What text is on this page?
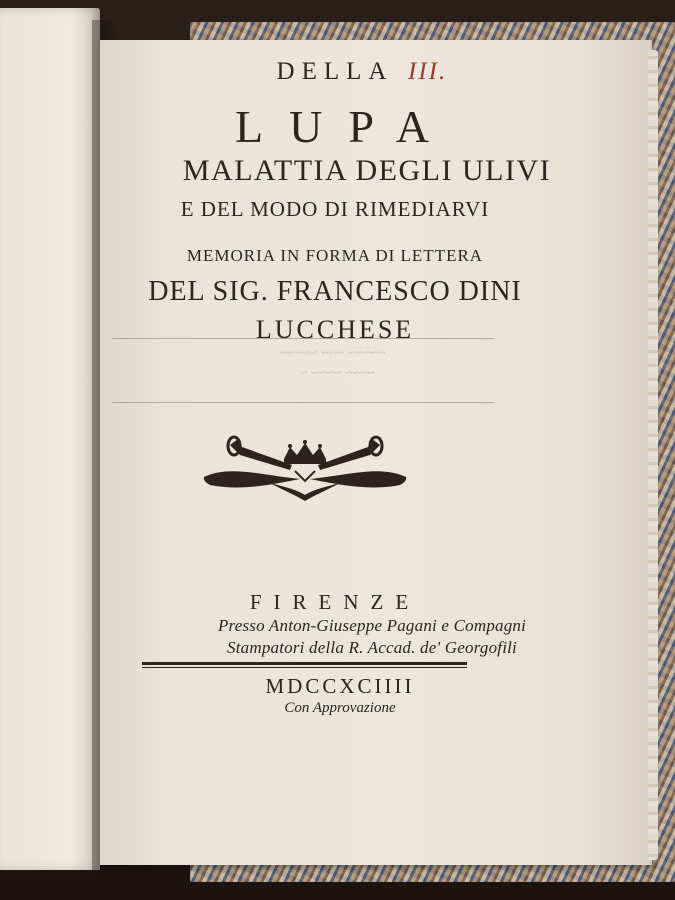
DELLA III.
LUPA
MALATTIA DEGLI ULIVI
E DEL MODO DI RIMEDIARVI
MEMORIA IN FORMA DI LETTERA
DEL SIG. FRANCESCO DINI
LUCCHESE
~~~~~ ~~~ ~~~~~
~~~~ ~~~~ ~
FIRENZE
Presso Anton-Giuseppe Pagani e Compagni
Stampatori della R. Accad. de' Georgofili
MDCCXCIIII
Con Approvazione
